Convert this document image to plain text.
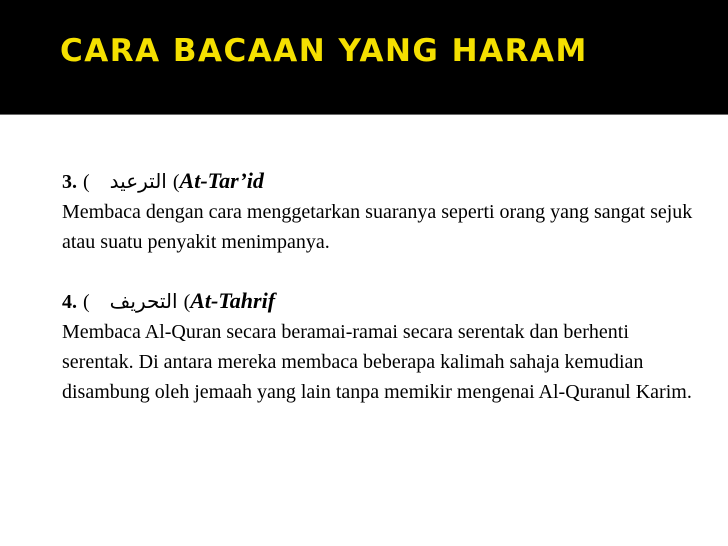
CARA BACAAN YANG HARAM
3. ( الترعيد ( At-Tar’id

Membaca dengan cara menggetarkan suaranya seperti orang yang sangat sejuk atau suatu penyakit menimpanya.

4. ( التحريف ( At-Tahrif

Membaca Al-Quran secara beramai-ramai secara serentak dan berhenti serentak. Di antara mereka membaca beberapa kalimah sahaja kemudian disambung oleh jemaah yang lain tanpa memikir mengenai Al-Quranul Karim.
